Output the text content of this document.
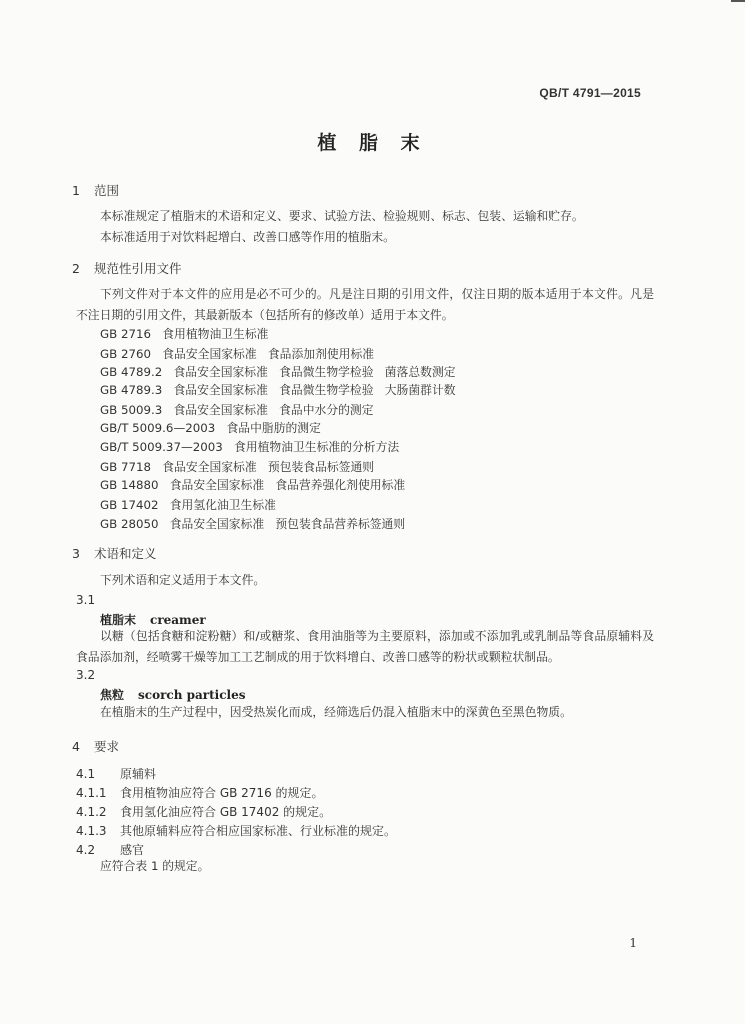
QB/T 4791—2015
植 脂 末
1 范围
本标准规定了植脂末的术语和定义、要求、试验方法、检验规则、标志、包装、运输和贮存。
本标准适用于对饮料起增白、改善口感等作用的植脂末。
2 规范性引用文件
下列文件对于本文件的应用是必不可少的。凡是注日期的引用文件，仅注日期的版本适用于本文件。凡是不注日期的引用文件，其最新版本（包括所有的修改单）适用于本文件。
GB 2716   食用植物油卫生标准
GB 2760   食品安全国家标准   食品添加剂使用标准
GB 4789.2   食品安全国家标准   食品微生物学检验   菌落总数测定
GB 4789.3   食品安全国家标准   食品微生物学检验   大肠菌群计数
GB 5009.3   食品安全国家标准   食品中水分的测定
GB/T 5009.6—2003   食品中脂肪的测定
GB/T 5009.37—2003   食用植物油卫生标准的分析方法
GB 7718   食品安全国家标准   预包装食品标签通则
GB 14880   食品安全国家标准   食品营养强化剂使用标准
GB 17402   食用氢化油卫生标准
GB 28050   食品安全国家标准   预包装食品营养标签通则
3 术语和定义
下列术语和定义适用于本文件。
3.1
植脂末 creamer
以糖（包括食糖和淀粉糖）和/或糖浆、食用油脂等为主要原料，添加或不添加乳或乳制品等食品原辅料及食品添加剂，经喷雾干燥等加工工艺制成的用于饮料增白、改善口感等的粉状或颗粒状制品。
3.2
焦粒 scorch particles
在植脂末的生产过程中，因受热炭化而成，经筛选后仍混入植脂末中的深黄色至黑色物质。
4 要求
4.1 原辅料
4.1.1 食用植物油应符合 GB 2716 的规定。
4.1.2 食用氢化油应符合 GB 17402 的规定。
4.1.3 其他原辅料应符合相应国家标准、行业标准的规定。
4.2 感官
应符合表 1 的规定。
1
